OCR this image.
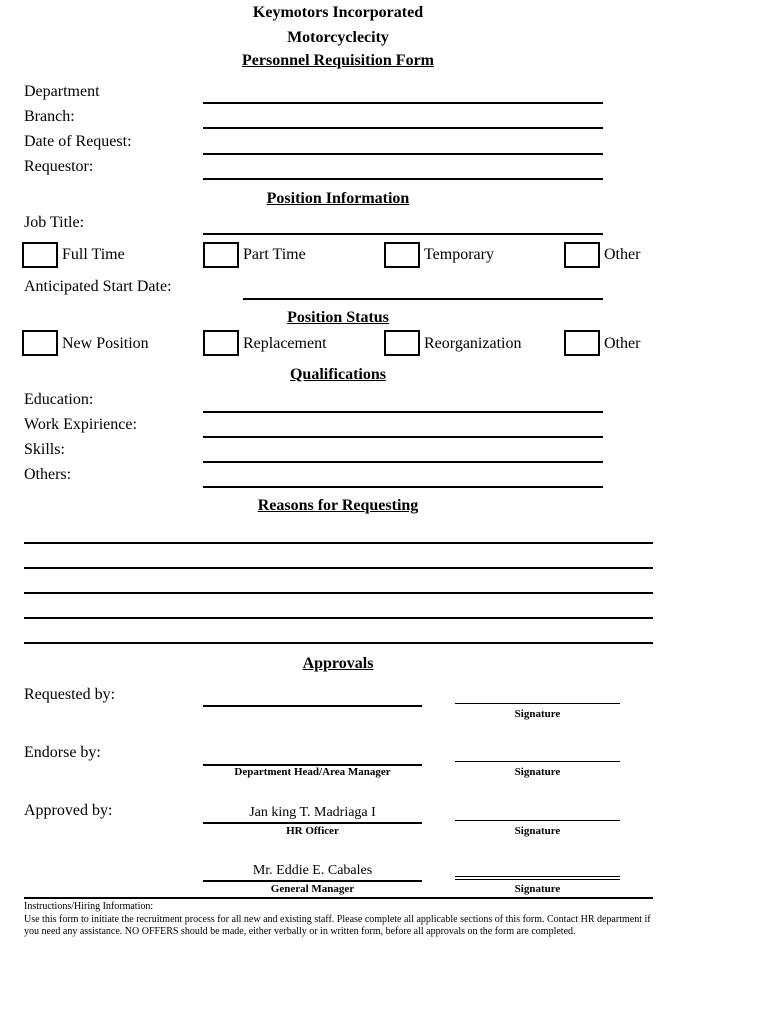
Keymotors Incorporated
Motorcyclecity
Personnel Requisition Form
Department
Branch:
Date of Request:
Requestor:
Position Information
Job Title:
Full Time	Part Time	Temporary	Other
Anticipated Start Date:
Position Status
New Position	Replacement	Reorganization	Other
Qualifications
Education:
Work Expirience:
Skills:
Others:
Reasons for Requesting
Approvals
Requested by:
Signature
Endorse by:
Department Head/Area Manager	Signature
Approved by:	Jan king T. Madriaga I
HR Officer	Signature
Mr. Eddie E. Cabales
General Manager	Signature
Instructions/Hiring Information:
Use this form to initiate the recruitment process for all new and existing staff. Please complete all applicable sections of this form. Contact HR department if you need any assistance. NO OFFERS should be made, either verbally or in written form, before all approvals on the form are completed.
